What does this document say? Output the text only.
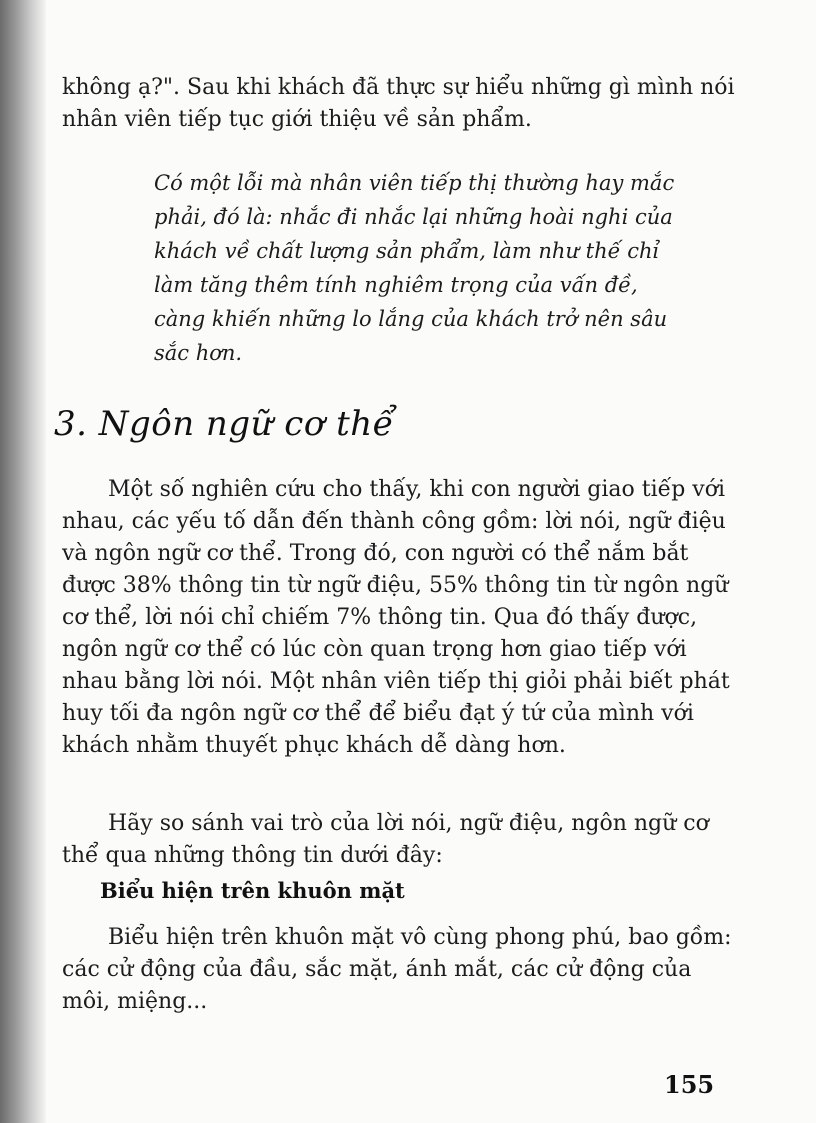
không ạ?". Sau khi khách đã thực sự hiểu những gì mình nói nhân viên tiếp tục giới thiệu về sản phẩm.

Có một lỗi mà nhân viên tiếp thị thường hay mắc phải, đó là: nhắc đi nhắc lại những hoài nghi của khách về chất lượng sản phẩm, làm như thế chỉ làm tăng thêm tính nghiêm trọng của vấn đề, càng khiến những lo lắng của khách trở nên sâu sắc hơn.

3. Ngôn ngữ cơ thể

Một số nghiên cứu cho thấy, khi con người giao tiếp với nhau, các yếu tố dẫn đến thành công gồm: lời nói, ngữ điệu và ngôn ngữ cơ thể. Trong đó, con người có thể nắm bắt được 38% thông tin từ ngữ điệu, 55% thông tin từ ngôn ngữ cơ thể, lời nói chỉ chiếm 7% thông tin. Qua đó thấy được, ngôn ngữ cơ thể có lúc còn quan trọng hơn giao tiếp với nhau bằng lời nói. Một nhân viên tiếp thị giỏi phải biết phát huy tối đa ngôn ngữ cơ thể để biểu đạt ý tứ của mình với khách nhằm thuyết phục khách dễ dàng hơn.

Hãy so sánh vai trò của lời nói, ngữ điệu, ngôn ngữ cơ thể qua những thông tin dưới đây:

Biểu hiện trên khuôn mặt

Biểu hiện trên khuôn mặt vô cùng phong phú, bao gồm: các cử động của đầu, sắc mặt, ánh mắt, các cử động của môi, miệng...

155
